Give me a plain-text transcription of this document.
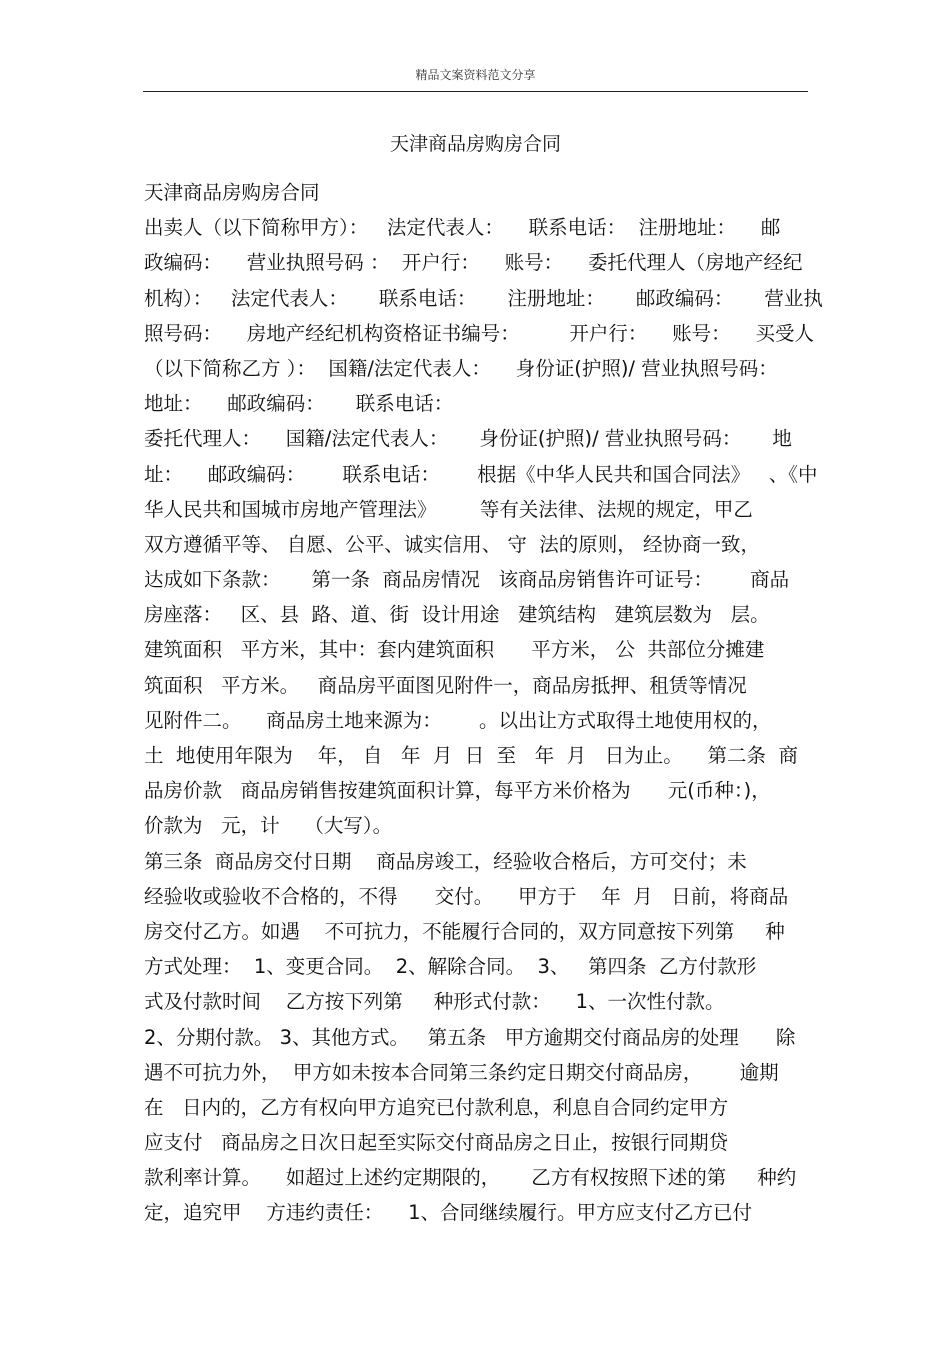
精品文案资料范文分享
天津商品房购房合同
天津商品房购房合同
出卖人（以下简称甲方）：   法定代表人：    联系电话：  注册地址：    邮
政编码：    营业执照号码 ：  开户行：    账号：    委托代理人（房地产经纪
机构）：   法定代表人：     联系电话：     注册地址：     邮政编码：     营业执
照号码：    房地产经纪机构资格证书编号：        开户行：    账号：    买受人
（以下简称乙方 ）：  国籍/法定代表人：    身份证(护照)/ 营业执照号码：
地址：    邮政编码：     联系电话：
委托代理人：    国籍/法定代表人：     身份证(护照)/ 营业执照号码：     地
址：    邮政编码：      联系电话：      根据《中华人民共和国合同法》   、《中
华人民共和国城市房地产管理法》       等有关法律、法规的规定，甲乙
双方遵循平等、 自愿、公平、诚实信用、 守  法的原则， 经协商一致，
达成如下条款：     第一条  商品房情况   该商品房销售许可证号：      商品
房座落：   区、县  路、道、街  设计用途   建筑结构   建筑层数为   层。
建筑面积   平方米，其中：套内建筑面积      平方米， 公  共部位分摊建
筑面积   平方米。   商品房平面图见附件一，商品房抵押、租赁等情况
见附件二。    商品房土地来源为：      。以出让方式取得土地使用权的，
土  地使用年限为    年， 自   年  月  日  至   年  月   日为止。    第二条  商
品房价款   商品房销售按建筑面积计算，每平方米价格为      元(币种：)，
价款为   元，计    （大写）。
第三条  商品房交付日期    商品房竣工，经验收合格后，方可交付；未
经验收或验收不合格的，不得      交付。    甲方于    年  月   日前，将商品
房交付乙方。如遇    不可抗力，不能履行合同的，双方同意按下列第     种
方式处理：  1、变更合同。  2、解除合同。  3、   第四条  乙方付款形
式及付款时间    乙方按下列第     种形式付款：    1、一次性付款。
2、分期付款。 3、其他方式。   第五条   甲方逾期交付商品房的处理      除
遇不可抗力外，  甲方如未按本合同第三条约定日期交付商品房，      逾期
在   日内的，乙方有权向甲方追究已付款利息，利息自合同约定甲方
应支付   商品房之日次日起至实际交付商品房之日止，按银行同期贷
款利率计算。    如超过上述约定期限的，     乙方有权按照下述的第     种约
定，追究甲    方违约责任：    1、合同继续履行。甲方应支付乙方已付
